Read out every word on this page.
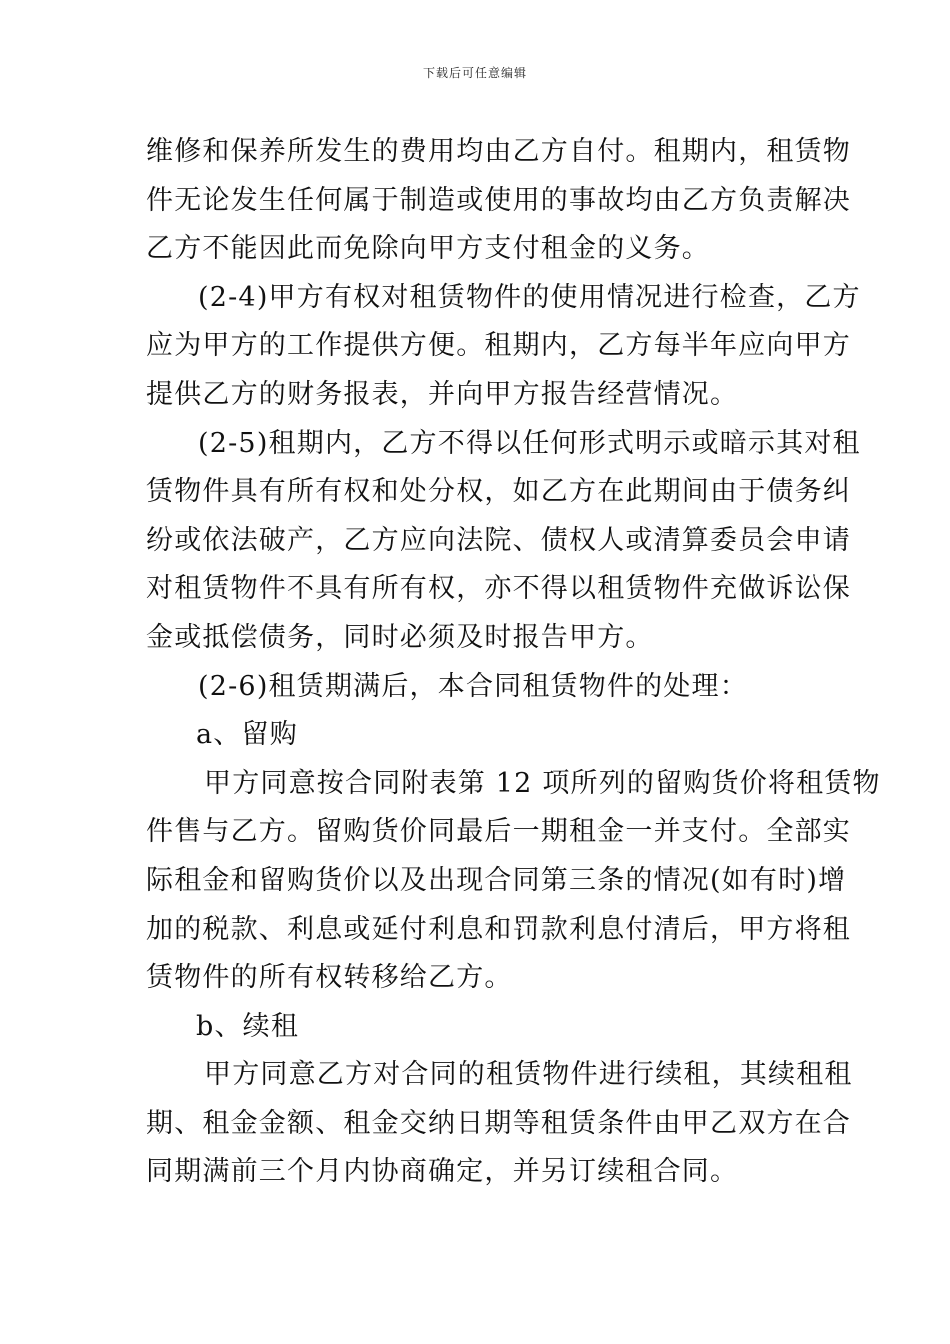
下载后可任意编辑
维修和保养所发生的费用均由乙方自付。租期内，租赁物
件无论发生任何属于制造或使用的事故均由乙方负责解决
乙方不能因此而免除向甲方支付租金的义务。
(2-4)甲方有权对租赁物件的使用情况进行检查，乙方
应为甲方的工作提供方便。租期内，乙方每半年应向甲方
提供乙方的财务报表，并向甲方报告经营情况。
(2-5)租期内，乙方不得以任何形式明示或暗示其对租
赁物件具有所有权和处分权，如乙方在此期间由于债务纠
纷或依法破产，乙方应向法院、债权人或清算委员会申请
对租赁物件不具有所有权，亦不得以租赁物件充做诉讼保
金或抵偿债务，同时必须及时报告甲方。
(2-6)租赁期满后，本合同租赁物件的处理：
a、留购
甲方同意按合同附表第 12 项所列的留购货价将租赁物
件售与乙方。留购货价同最后一期租金一并支付。全部实
际租金和留购货价以及出现合同第三条的情况(如有时)增
加的税款、利息或延付利息和罚款利息付清后，甲方将租
赁物件的所有权转移给乙方。
b、续租
甲方同意乙方对合同的租赁物件进行续租，其续租租
期、租金金额、租金交纳日期等租赁条件由甲乙双方在合
同期满前三个月内协商确定，并另订续租合同。
